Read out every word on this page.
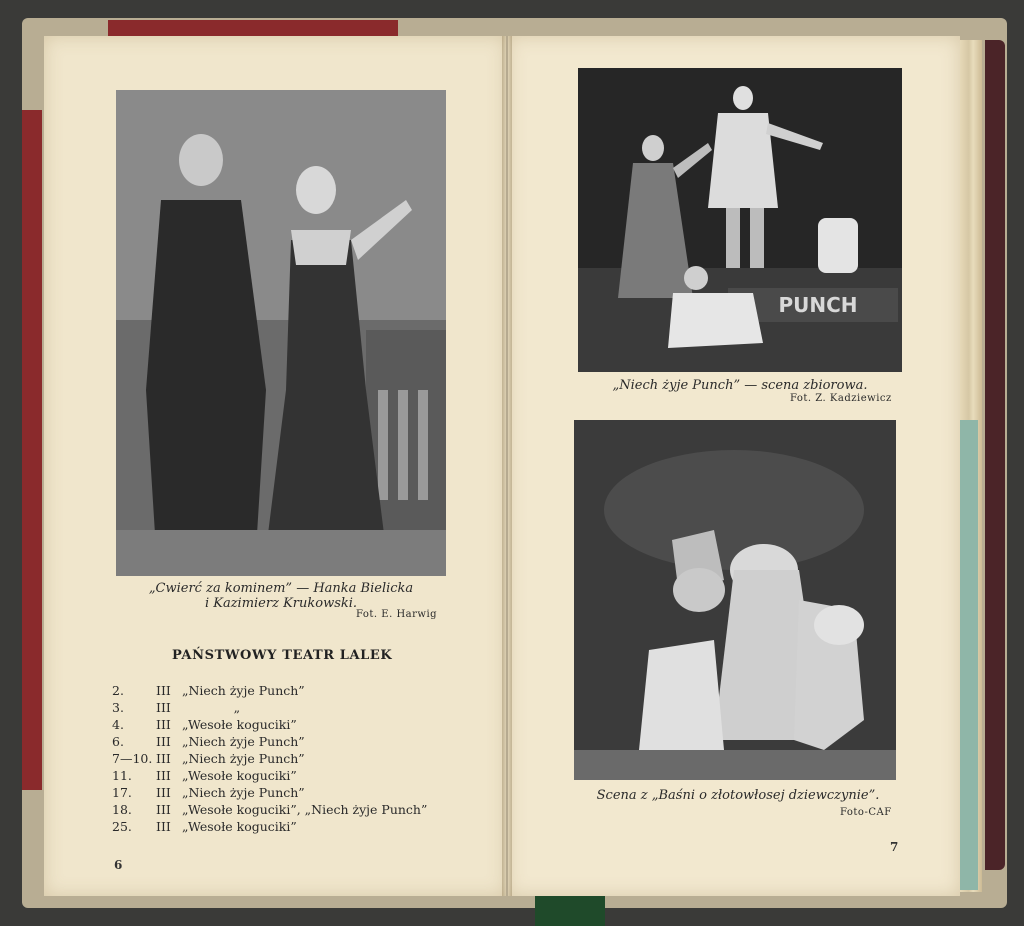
„Cwierć za kominem” — Hanka Bielicka
i Kazimierz Krukowski.
Fot. E. Harwig
PAŃSTWOWY TEATR LALEK
2.	III „Niech żyje Punch”
3.	III „
4.	III „Wesołe koguciki”
6.	III „Niech żyje Punch”
7—10. III „Niech żyje Punch”
11.	III „Wesołe koguciki”
17.	III „Niech żyje Punch”
18.	III „Wesołe koguciki”, „Niech żyje Punch”
25.	III „Wesołe koguciki”
6
PUNCH
„Niech żyje Punch” — scena zbiorowa.
Fot. Z. Kadziewicz
Scena z „Baśni o złotowłosej dziewczynie”.
Foto-CAF
7
